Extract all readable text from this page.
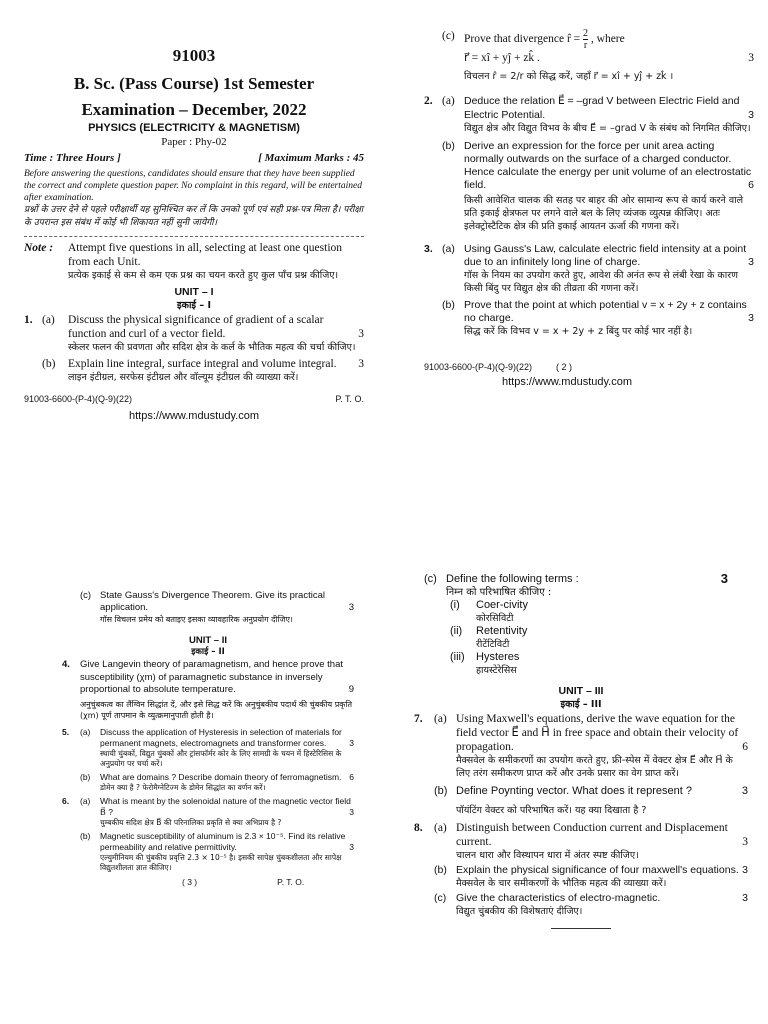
91003

B. Sc. (Pass Course) 1st Semester

Examination – December, 2022

PHYSICS (ELECTRICITY & MAGNETISM)

Paper : Phy-02

Time : Three Hours ]	[ Maximum Marks : 45

Before answering the questions, candidates should ensure that they have been supplied the correct and complete question paper. No complaint in this regard, will be entertained after examination.

प्रश्नों के उत्तर देने से पहले परीक्षार्थी यह सुनिश्चित कर लें कि उनको पूर्ण एवं सही प्रश्न-पत्र मिला है। परीक्षा के उपरान्त इस संबंध में कोई भी शिकायत नहीं सुनी जायेगी।

Note :	Attempt five questions in all, selecting at least one question from each Unit.

प्रत्येक इकाई से कम से कम एक प्रश्न का चयन करते हुए कुल पाँच प्रश्न कीजिए।

UNIT – I

इकाई – I

1. (a)	Discuss the physical significance of gradient of a scalar function and curl of a vector field.	3

स्केलर फलन की प्रवणता और सदिश क्षेत्र के कर्ल के भौतिक महत्व की चर्चा कीजिए।

(b)	Explain line integral, surface integral and volume integral. 3

लाइन इंटीग्रल, सरफेस इंटीग्रल और वॉल्यूम इंटीग्रल की व्याख्या करें।

91003-6600-(P-4)(Q-9)(22)	P. T. O.

https://www.mdustudy.com

(c) Prove that divergence r̂ = $\frac{2}{r}$ , where
r⃗ = xî + yĵ + zk̂ .	3

विचलन r̂ = 2/r को सिद्ध करें, जहाँ r⃗ = xî + yĵ + zk̂ ।

2. (a) Deduce the relation E⃗ = –grad V between Electric Field and Electric Potential.	3

विद्युत क्षेत्र और विद्युत विभव के बीच E⃗ = –grad V के संबंध को निगमित कीजिए।

(b) Derive an expression for the force per unit area acting normally outwards on the surface of a charged conductor. Hence calculate the energy per unit volume of an electrostatic field.	6

किसी आवेशित चालक की सतह पर बाहर की ओर सामान्य रूप से कार्य करने वाले प्रति इकाई क्षेत्रफल पर लगने वाले बल के लिए व्यंजक व्युत्पन्न कीजिए। अतः इलेक्ट्रोस्टैटिक क्षेत्र की प्रति इकाई आयतन ऊर्जा की गणना करें।

3. (a) Using Gauss's Law, calculate electric field intensity at a point due to an infinitely long line of charge.	3

गॉस के नियम का उपयोग करते हुए, आवेश की अनंत रूप से लंबी रेखा के कारण किसी बिंदु पर विद्युत क्षेत्र की तीव्रता की गणना करें।

(b) Prove that the point at which potential v = x + 2y + z contains no charge.	3

सिद्ध करें कि विभव v = x + 2y + z बिंदु पर कोई भार नहीं है।

91003-6600-(P-4)(Q-9)(22)	( 2 )

https://www.mdustudy.com

(c) State Gauss's Divergence Theorem. Give its practical application.	3

गॉस विचलन प्रमेय को बताइए इसका व्यावहारिक अनुप्रयोग दीजिए।

UNIT – II

इकाई – II

4.	Give Langevin theory of paramagnetism, and hence prove that susceptibility (χm) of paramagnetic substance in inversely proportional to absolute temperature.	9

अनुचुंबकत्व का लैंग्विन सिद्धांत दें, और इसे सिद्ध करें कि अनुचुंबकीय पदार्थ की चुंबकीय प्रकृति (χm) पूर्ण तापमान के व्युत्क्रमानुपाती होती है।

5.	(a)	Discuss the application of Hysteresis in selection of materials for permanent magnets, electromagnets and transformer cores.	3

स्थायी चुंबकों, विद्युत चुंबकों और ट्रांसफॉर्मर कोर के लिए सामग्री के चयन में हिस्टेरिसिस के अनुप्रयोग पर चर्चा करें।

(b)	What are domains ? Describe domain theory of ferromagnetism. 6

डोमेन क्या है ? फेरोमैग्नेटिज्म के डोमेन सिद्धांत का वर्णन करें।

6.	(a)	What is meant by the solenoidal nature of the magnetic vector field B⃗ ?	3

चुम्बकीय सदिश क्षेत्र B⃗ की परिनालिका प्रकृति से क्या अभिप्राय है ?

(b)	Magnetic susceptibility of aluminum is 2.3 × 10⁻⁵. Find its relative permeability and relative permittivity.	3

एल्युमीनियम की चुंबकीय प्रवृत्ति 2.3 × 10⁻⁵ है। इसकी सापेक्ष चुंबकशीलता और सापेक्ष विद्युतशीलता ज्ञात कीजिए।

( 3 )	P. T. O.
(c) Define the following terms :	3

निम्न को परिभाषित कीजिए :

(i)	Coer-civity
कोरसिविटी
(ii)	Retentivity
रीटेंटिविटी
(iii)	Hysteres
हायस्टेरेसिस

UNIT – III

इकाई – III

7. (a) Using Maxwell's equations, derive the wave equation for the field vector E⃗ and H⃗ in free space and obtain their velocity of propagation.	6

मैक्सवेल के समीकरणों का उपयोग करते हुए, फ्री-स्पेस में वेक्टर क्षेत्र E⃗ और H⃗ के लिए तरंग समीकरण प्राप्त करें और उनके प्रसार का वेग प्राप्त करें।

(b) Define Poynting vector. What does it represent ?	3

पॉयंटिंग वेक्टर को परिभाषित करें। यह क्या दिखाता है ?

8. (a) Distinguish between Conduction current and Displacement current.	3

चालन धारा और विस्थापन धारा में अंतर स्पष्ट कीजिए।

(b) Explain the physical significance of four maxwell's equations. 3

मैक्सवेल के चार समीकरणों के भौतिक महत्व की व्याख्या करें।

(c) Give the characteristics of electro-magnetic.	3

विद्युत चुंबकीय की विशेषताएं दीजिए।
